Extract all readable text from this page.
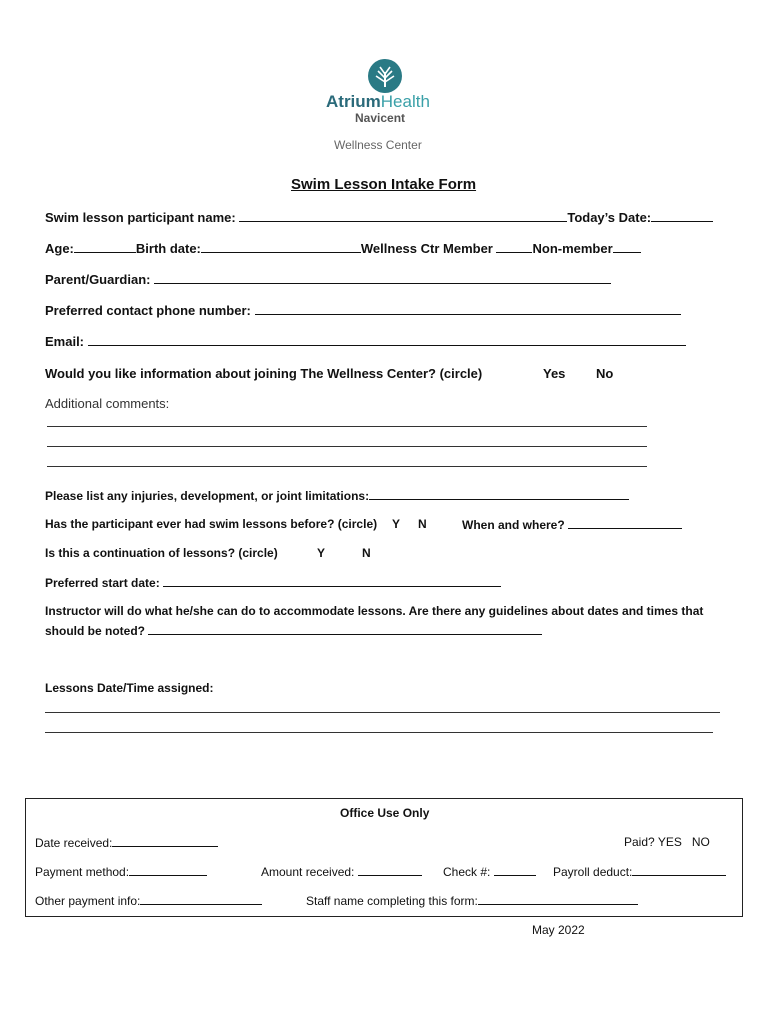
AtriumHealth
Navicent
Wellness Center
Swim Lesson Intake Form
Swim lesson participant name:	Today’s Date:
Age:	Birth date:	Wellness Ctr Member	Non-member
Parent/Guardian:
Preferred contact phone number:
Email:
Would you like information about joining The Wellness Center? (circle)	Yes No
Additional comments:
Please list any injuries, development, or joint limitations:
Has the participant ever had swim lessons before? (circle) Y N	When and where?
Is this a continuation of lessons? (circle)	Y	N
Preferred start date:
Instructor will do what he/she can do to accommodate lessons. Are there any guidelines about dates and times that
should be noted?
Lessons Date/Time assigned:
Office Use Only
Date received:	Paid? YES NO
Payment method:	Amount received:	Check #:	Payroll deduct:
Other payment info:	Staff name completing this form:
May 2022
